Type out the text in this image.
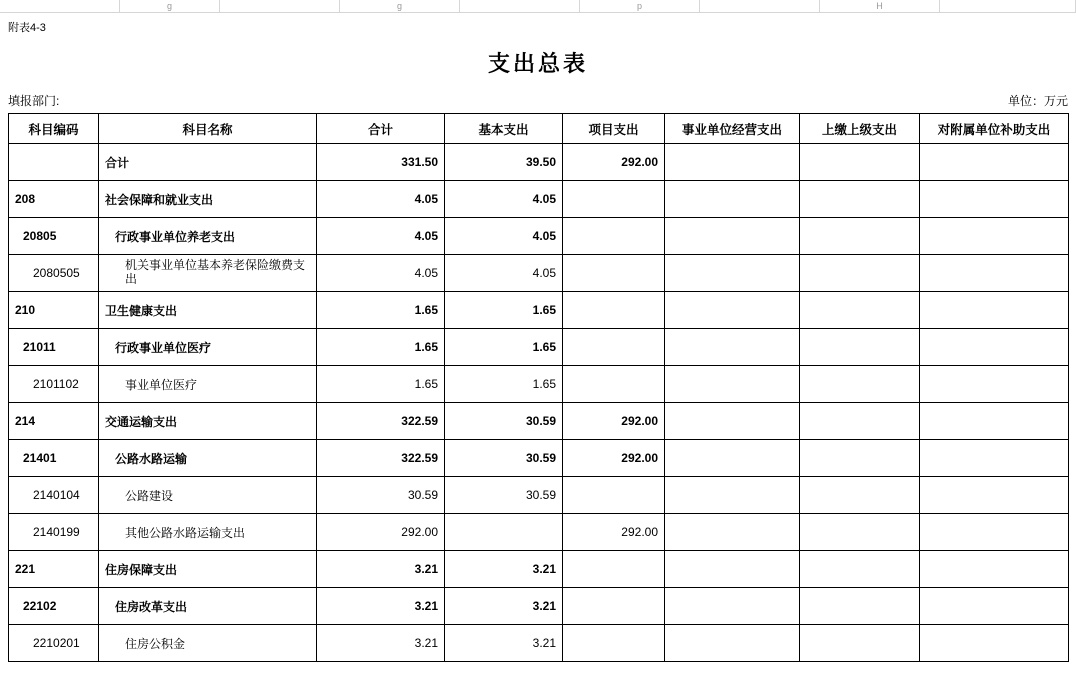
g	g	p	H
附表4-3
支出总表
填报部门:	单位：万元
科目编码	科目名称	合计	基本支出	项目支出	事业单位经营支出	上缴上级支出	对附属单位补助支出
	合计	331.50	39.50	292.00			
208	社会保障和就业支出	4.05	4.05				
20805	行政事业单位养老支出	4.05	4.05				
2080505	机关事业单位基本养老保险缴费支出	4.05	4.05				
210	卫生健康支出	1.65	1.65				
21011	行政事业单位医疗	1.65	1.65				
2101102	事业单位医疗	1.65	1.65				
214	交通运输支出	322.59	30.59	292.00			
21401	公路水路运输	322.59	30.59	292.00			
2140104	公路建设	30.59	30.59				
2140199	其他公路水路运输支出	292.00		292.00			
221	住房保障支出	3.21	3.21				
22102	住房改革支出	3.21	3.21				
2210201	住房公积金	3.21	3.21				
